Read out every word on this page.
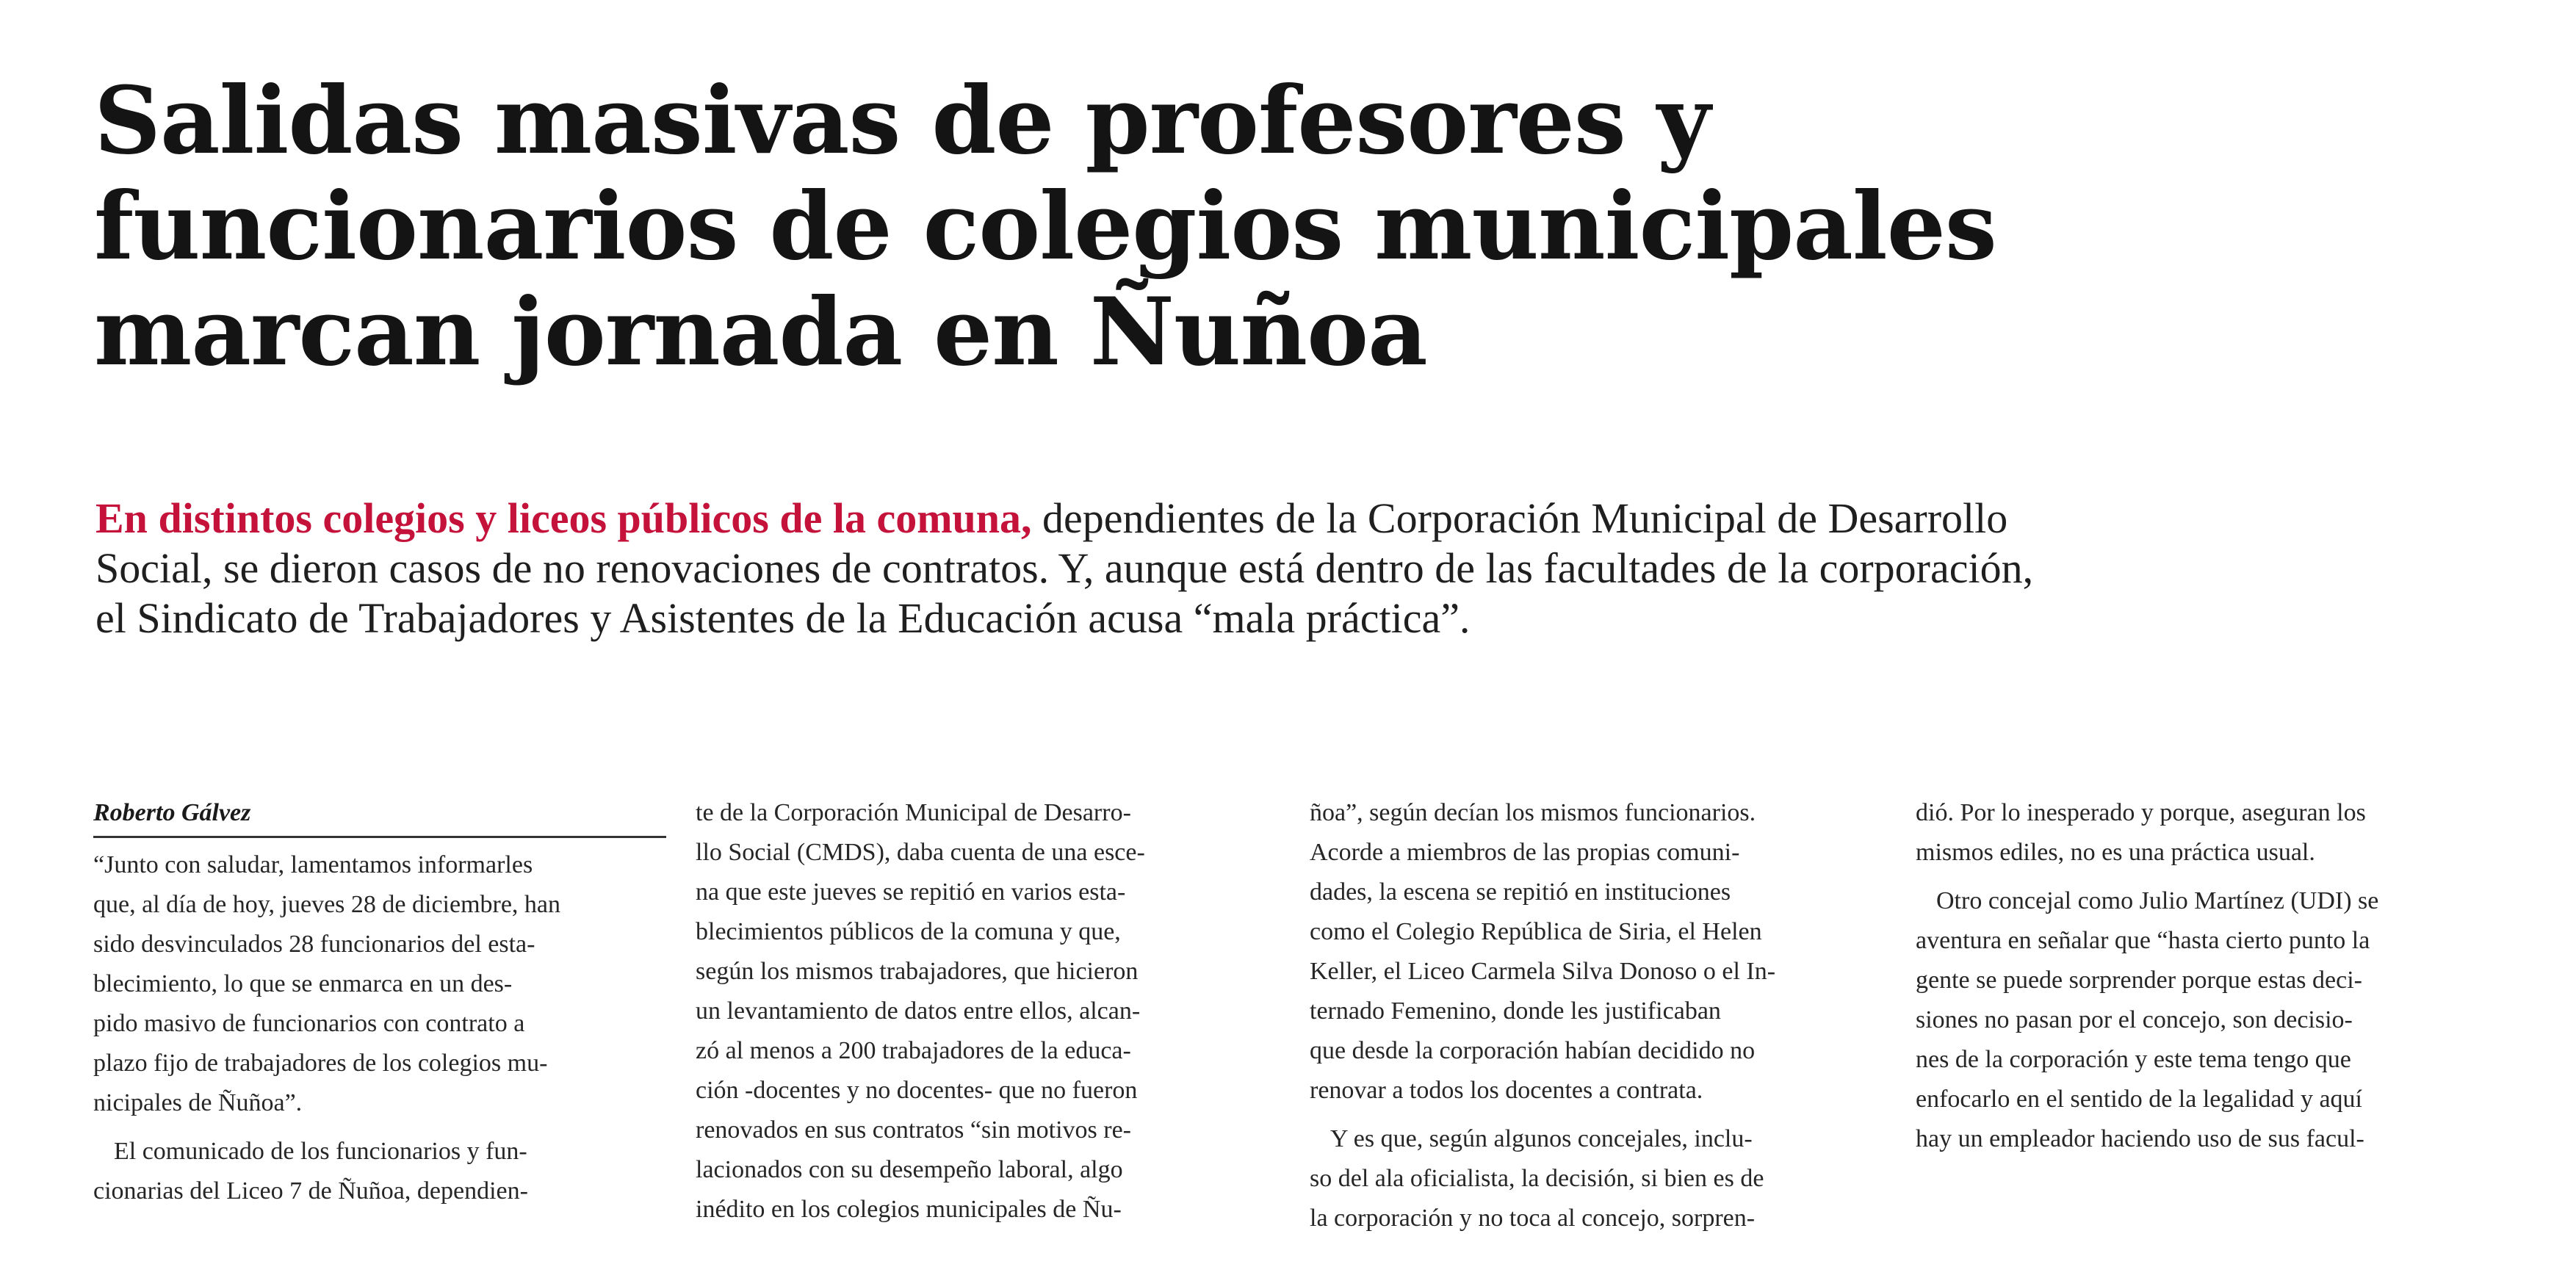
Salidas masivas de profesores y
funcionarios de colegios municipales
marcan jornada en Ñuñoa

En distintos colegios y liceos públicos de la comuna, dependientes de la Corporación Municipal de Desarrollo
Social, se dieron casos de no renovaciones de contratos. Y, aunque está dentro de las facultades de la corporación,
el Sindicato de Trabajadores y Asistentes de la Educación acusa “mala práctica”.

Roberto Gálvez
“Junto con saludar, lamentamos informarles
que, al día de hoy, jueves 28 de diciembre, han
sido desvinculados 28 funcionarios del esta-
blecimiento, lo que se enmarca en un des-
pido masivo de funcionarios con contrato a
plazo fijo de trabajadores de los colegios mu-
nicipales de Ñuñoa”.
El comunicado de los funcionarios y fun-
cionarias del Liceo 7 de Ñuñoa, dependien-
te de la Corporación Municipal de Desarro-
llo Social (CMDS), daba cuenta de una esce-
na que este jueves se repitió en varios esta-
blecimientos públicos de la comuna y que,
según los mismos trabajadores, que hicieron
un levantamiento de datos entre ellos, alcan-
zó al menos a 200 trabajadores de la educa-
ción -docentes y no docentes- que no fueron
renovados en sus contratos “sin motivos re-
lacionados con su desempeño laboral, algo
inédito en los colegios municipales de Ñu-
ñoa”, según decían los mismos funcionarios.
Acorde a miembros de las propias comuni-
dades, la escena se repitió en instituciones
como el Colegio República de Siria, el Helen
Keller, el Liceo Carmela Silva Donoso o el In-
ternado Femenino, donde les justificaban
que desde la corporación habían decidido no
renovar a todos los docentes a contrata.
Y es que, según algunos concejales, inclu-
so del ala oficialista, la decisión, si bien es de
la corporación y no toca al concejo, sorpren-
dió. Por lo inesperado y porque, aseguran los
mismos ediles, no es una práctica usual.
Otro concejal como Julio Martínez (UDI) se
aventura en señalar que “hasta cierto punto la
gente se puede sorprender porque estas deci-
siones no pasan por el concejo, son decisio-
nes de la corporación y este tema tengo que
enfocarlo en el sentido de la legalidad y aquí
hay un empleador haciendo uso de sus facul-
